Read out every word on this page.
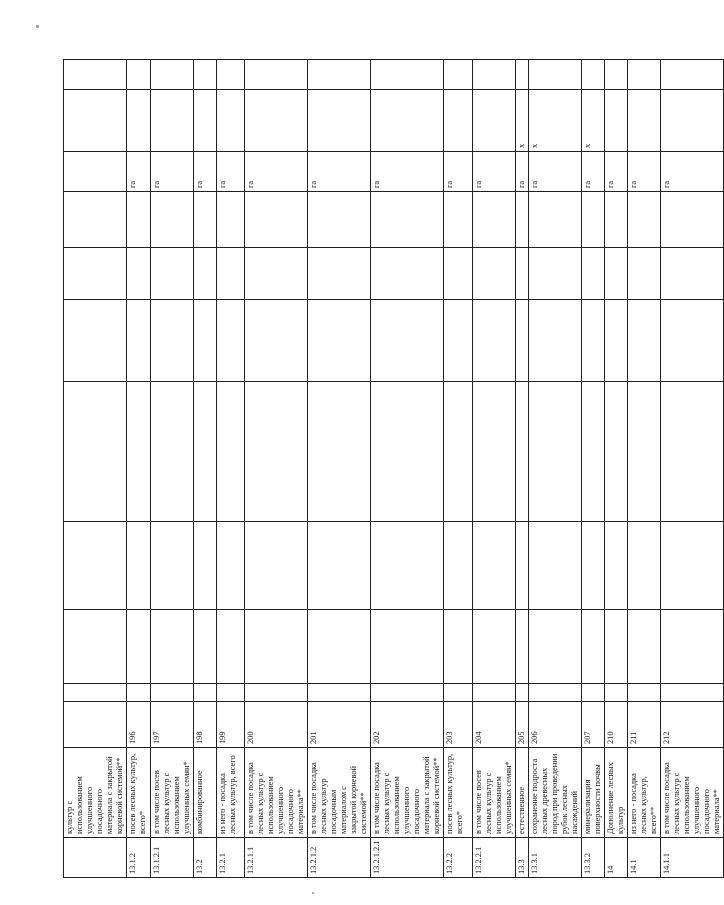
	культур с использованием улучшенного посадочного материала с закрытой корневой системой**											
13.1.2	посев лесных культур, всего*	196								га		
13.1.2.1	в том числе посев лесных культур с использованием улучшенных семян*	197								га		
13.2	комбинированное	198								га		
13.2.1	из него - посадка лесных культур, всего	199								га		
13.2.1.1	в том числе посадка лесных культур с использованием улучшенного посадочного материала**	200								га		
13.2.1.2	в том числе посадка лесных культур посадочным материалом с закрытой корневой системой**	201								га		
13.2.1.2.1	в том числе посадка лесных культур с использованием улучшенного посадочного материала с закрытой корневой системой**	202								га		
13.2.2	посев лесных культур, всего*	203								га		
13.2.2.1	в том числе посев лесных культур с использованием улучшенных семян*	204								га		
13.3	естественное	205								га	x	
13.3.1	сохранение подроста лесных древесных пород при проведении рубок лесных насаждений	206								га	x	
13.3.2	минерализация поверхности почвы	207								га	x	
14	Дополнение лесных культур	210								га		
14.1	из него - посадка лесных культур, всего**	211								га		
14.1.1	в том числе посадка лесных культур с использованием улучшенного посадочного материала**	212								га		
